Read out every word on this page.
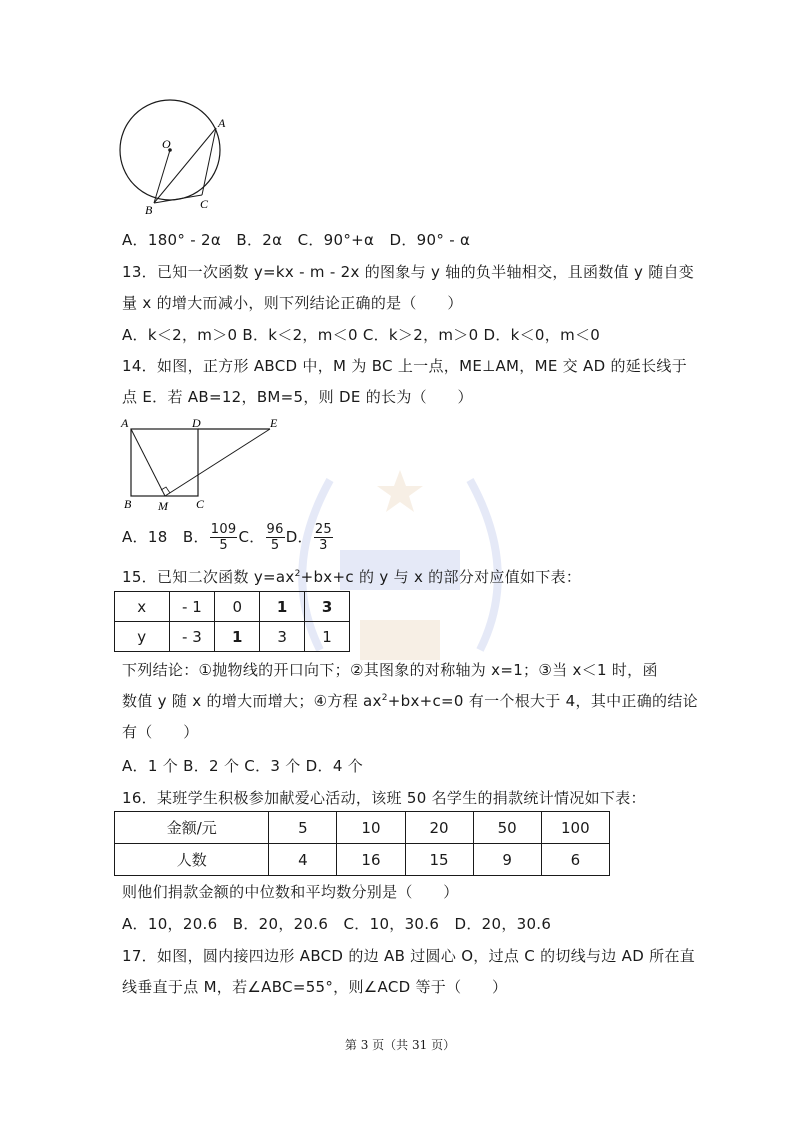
O
A
B	C
A．180° - 2α　B．2α　C．90°+α　D．90° - α
13．已知一次函数 y=kx - m - 2x 的图象与 y 轴的负半轴相交，且函数值 y 随自变
量 x 的增大而减小，则下列结论正确的是（　　）
A．k＜2，m＞0 B．k＜2，m＜0 C．k＞2，m＞0 D．k＜0，m＜0
14．如图，正方形 ABCD 中，M 为 BC 上一点，ME⊥AM，ME 交 AD 的延长线于
点 E．若 AB=12，BM=5，则 DE 的长为（　　）
A	D	E
B M C
A．18　B． $\frac{109}{5}$ C． $\frac{96}{5}$ D． $\frac{25}{3}$
15．已知二次函数 $y=ax^2+bx+c$ 的 y 与 x 的部分对应值如下表：
x	- 1	0	1	3
y	- 3	1	3	1
下列结论：①抛物线的开口向下；②其图象的对称轴为 x=1；③当 x＜1 时，函
数值 y 随 x 的增大而增大；④方程 $ax^2+bx+c=0$ 有一个根大于 4，其中正确的结论
有（　　）
A．1 个 B．2 个 C．3 个 D．4 个
16．某班学生积极参加献爱心活动，该班 50 名学生的捐款统计情况如下表：
金额/元	5	10	20	50	100
人数	4	16	15	9	6
则他们捐款金额的中位数和平均数分别是（　　）
A．10，20.6　B．20，20.6　C．10，30.6　D．20，30.6
17．如图，圆内接四边形 ABCD 的边 AB 过圆心 O，过点 C 的切线与边 AD 所在直
线垂直于点 M，若∠ABC=55°，则∠ACD 等于（　　）
第 3 页（共 31 页）
